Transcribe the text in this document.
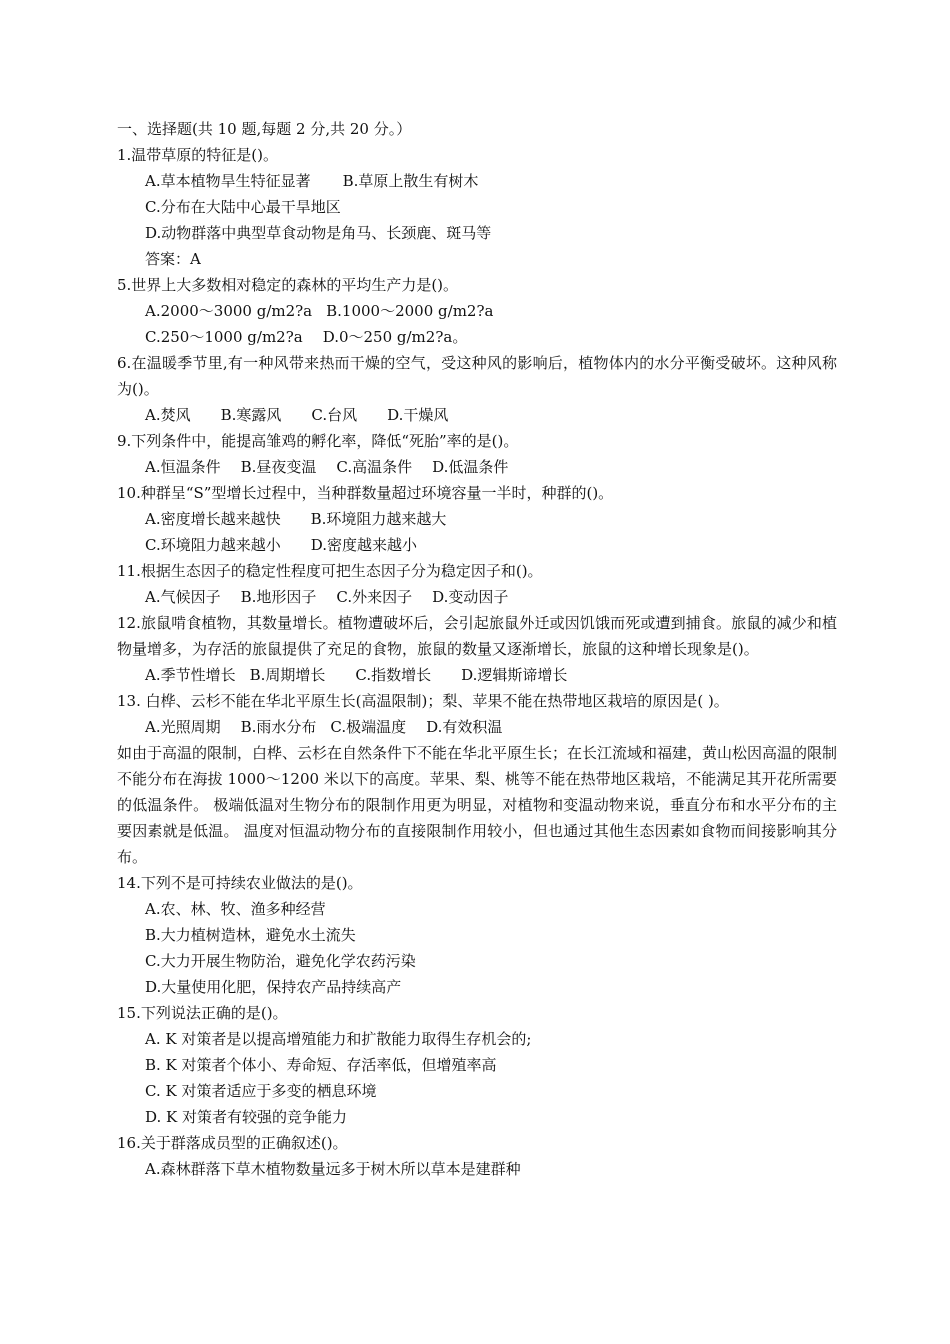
一、选择题(共 10 题,每题 2 分,共 20 分。）
1.温带草原的特征是()。
A.草本植物旱生特征显著 B.草原上散生有树木
C.分布在大陆中心最干旱地区
D.动物群落中典型草食动物是角马、长颈鹿、斑马等
答案：A
5.世界上大多数相对稳定的森林的平均生产力是()。
A.2000～3000 g/m2?a B.1000～2000 g/m2?a
C.250～1000 g/m2?a D.0～250 g/m2?a。
6.在温暖季节里,有一种风带来热而干燥的空气，受这种风的影响后，植物体内的水分平衡受破坏。这种风称为()。
A.焚风 B.寒露风 C.台风 D.干燥风
9.下列条件中，能提高雏鸡的孵化率，降低“死胎”率的是()。
A.恒温条件 B.昼夜变温 C.高温条件 D.低温条件
10.种群呈“S”型增长过程中，当种群数量超过环境容量一半时，种群的()。
A.密度增长越来越快 B.环境阻力越来越大
C.环境阻力越来越小 D.密度越来越小
11.根据生态因子的稳定性程度可把生态因子分为稳定因子和()。
A.气候因子 B.地形因子 C.外来因子 D.变动因子
12.旅鼠啃食植物，其数量增长。植物遭破坏后，会引起旅鼠外迁或因饥饿而死或遭到捕食。旅鼠的减少和植物量增多，为存活的旅鼠提供了充足的食物，旅鼠的数量又逐渐增长，旅鼠的这种增长现象是()。
A.季节性增长 B.周期增长 C.指数增长 D.逻辑斯谛增长
13. 白桦、云杉不能在华北平原生长(高温限制)；梨、苹果不能在热带地区栽培的原因是( )。
A.光照周期 B.雨水分布 C.极端温度 D.有效积温
如由于高温的限制，白桦、云杉在自然条件下不能在华北平原生长；在长江流域和福建，黄山松因高温的限制不能分布在海拔 1000～1200 米以下的高度。苹果、梨、桃等不能在热带地区栽培，不能满足其开花所需要的低温条件。 极端低温对生物分布的限制作用更为明显，对植物和变温动物来说，垂直分布和水平分布的主要因素就是低温。 温度对恒温动物分布的直接限制作用较小，但也通过其他生态因素如食物而间接影响其分布。
14.下列不是可持续农业做法的是()。
A.农、林、牧、渔多种经营
B.大力植树造林，避免水土流失
C.大力开展生物防治，避免化学农药污染
D.大量使用化肥，保持农产品持续高产
15.下列说法正确的是()。
A. K 对策者是以提高增殖能力和扩散能力取得生存机会的;
B. K 对策者个体小、寿命短、存活率低，但增殖率高
C. K 对策者适应于多变的栖息环境
D. K 对策者有较强的竞争能力
16.关于群落成员型的正确叙述()。
A.森林群落下草木植物数量远多于树木所以草本是建群种
